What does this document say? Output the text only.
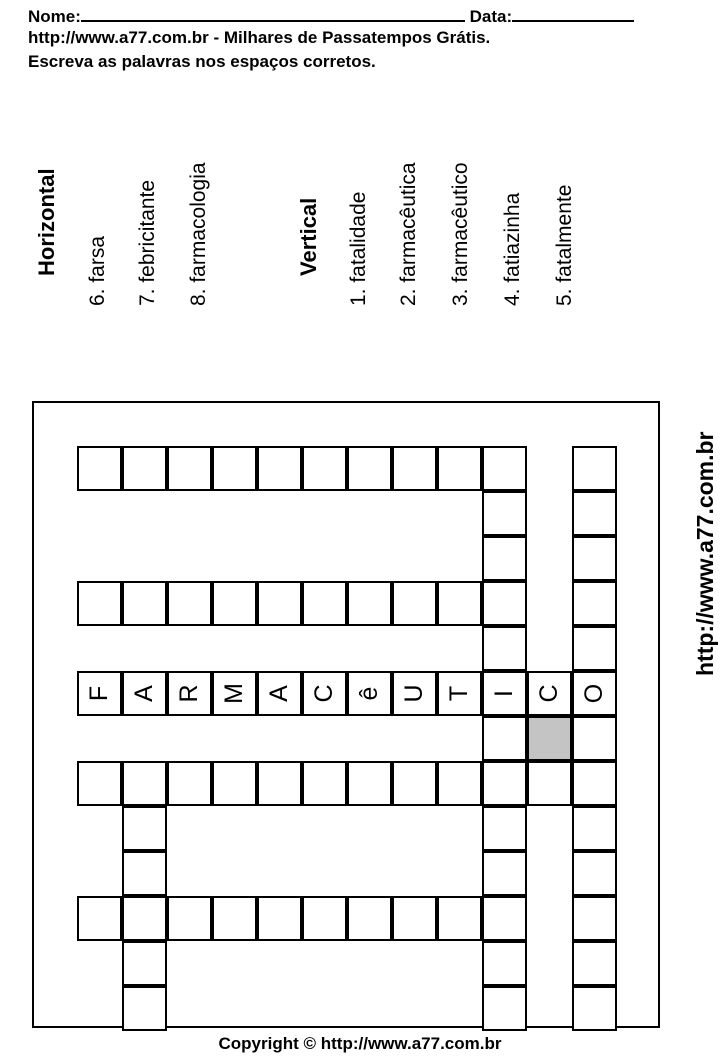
Nome:	Data:
http://www.a77.com.br - Milhares de Passatempos Grátis.
Escreva as palavras nos espaços corretos.
Horizontal 6. farsa 7. febricitante 8. farmacologia	Vertical 1. fatalidade 2. farmacêutica 3. farmacêutico 4. fatiazinha 5. fatalmente
http://www.a77.com.br
F A R M A C ê U T I C O
Copyright © http://www.a77.com.br
